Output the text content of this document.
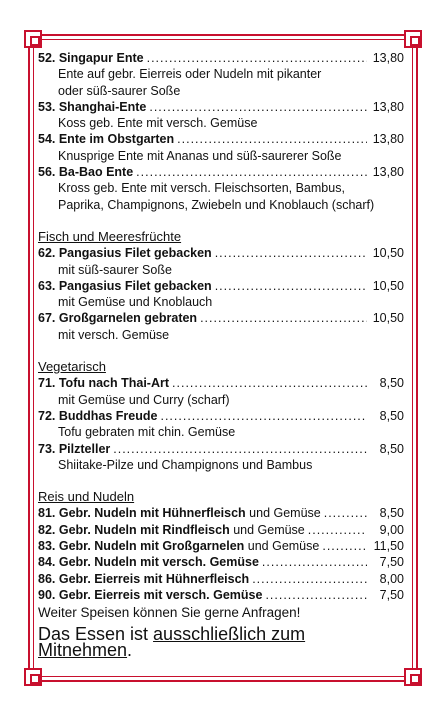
52. Singapur Ente .....	13,80
Ente auf gebr. Eierreis oder Nudeln mit pikanter
oder süß-saurer Soße
53. Shanghai-Ente .....	13,80
Koss geb. Ente mit versch. Gemüse
54. Ente im Obstgarten .....	13,80
Knusprige Ente mit Ananas und süß-saurerer Soße
56. Ba-Bao Ente .....	13,80
Kross geb. Ente mit versch. Fleischsorten, Bambus,
Paprika, Champignons, Zwiebeln und Knoblauch (scharf)
Fisch und Meeresfrüchte
62. Pangasius Filet gebacken .....	10,50
mit süß-saurer Soße
63. Pangasius Filet gebacken .....	10,50
mit Gemüse und Knoblauch
67. Großgarnelen gebraten .....	10,50
mit versch. Gemüse
Vegetarisch
71. Tofu nach Thai-Art .....	8,50
mit Gemüse und Curry (scharf)
72. Buddhas Freude .....	8,50
Tofu gebraten mit chin. Gemüse
73. Pilzteller .....	8,50
Shiitake-Pilze und Champignons und Bambus
Reis und Nudeln
81. Gebr. Nudeln mit Hühnerfleisch und Gemüse .....	8,50
82. Gebr. Nudeln mit Rindfleisch und Gemüse .....	9,00
83. Gebr. Nudeln mit Großgarnelen und Gemüse .....	11,50
84. Gebr. Nudeln mit versch. Gemüse .....	7,50
86. Gebr. Eierreis mit Hühnerfleisch .....	8,00
90. Gebr. Eierreis mit versch. Gemüse .....	7,50
Weiter Speisen können Sie gerne Anfragen!
Das Essen ist ausschließlich zum Mitnehmen.
